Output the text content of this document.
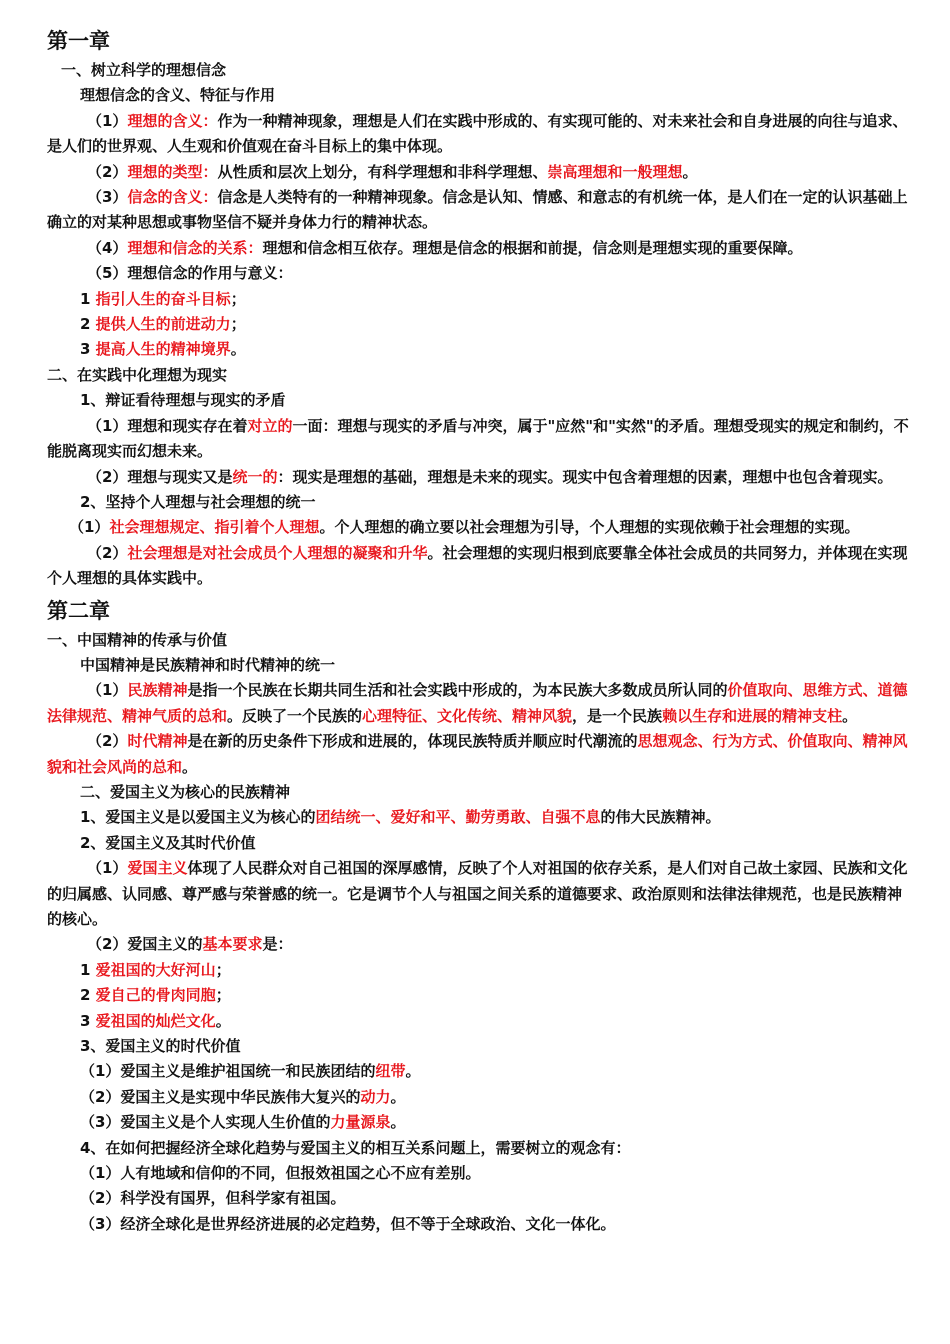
第一章

一、树立科学的理想信念

理想信念的含义、特征与作用

（1）理想的含义：作为一种精神现象，理想是人们在实践中形成的、有实现可能的、对未来社会和自身进展的向往与追求、是人们的世界观、人生观和价值观在奋斗目标上的集中体现。

（2）理想的类型：从性质和层次上划分，有科学理想和非科学理想、崇高理想和一般理想。

（3）信念的含义：信念是人类特有的一种精神现象。信念是认知、情感、和意志的有机统一体，是人们在一定的认识基础上确立的对某种思想或事物坚信不疑并身体力行的精神状态。

（4）理想和信念的关系：理想和信念相互依存。理想是信念的根据和前提，信念则是理想实现的重要保障。

（5）理想信念的作用与意义：

1 指引人生的奋斗目标；

2 提供人生的前进动力；

3 提高人生的精神境界。

二、在实践中化理想为现实

1、辩证看待理想与现实的矛盾

（1）理想和现实存在着对立的一面：理想与现实的矛盾与冲突，属于"应然"和"实然"的矛盾。理想受现实的规定和制约，不能脱离现实而幻想未来。

（2）理想与现实又是统一的：现实是理想的基础，理想是未来的现实。现实中包含着理想的因素，理想中也包含着现实。

2、坚持个人理想与社会理想的统一

（1）社会理想规定、指引着个人理想。个人理想的确立要以社会理想为引导，个人理想的实现依赖于社会理想的实现。

（2）社会理想是对社会成员个人理想的凝聚和升华。社会理想的实现归根到底要靠全体社会成员的共同努力，并体现在实现个人理想的具体实践中。

第二章

一、中国精神的传承与价值

中国精神是民族精神和时代精神的统一

（1）民族精神是指一个民族在长期共同生活和社会实践中形成的，为本民族大多数成员所认同的价值取向、思维方式、道德法律规范、精神气质的总和。反映了一个民族的心理特征、文化传统、精神风貌，是一个民族赖以生存和进展的精神支柱。

（2）时代精神是在新的历史条件下形成和进展的，体现民族特质并顺应时代潮流的思想观念、行为方式、价值取向、精神风貌和社会风尚的总和。

二、爱国主义为核心的民族精神

1、爱国主义是以爱国主义为核心的团结统一、爱好和平、勤劳勇敢、自强不息的伟大民族精神。

2、爱国主义及其时代价值

（1）爱国主义体现了人民群众对自己祖国的深厚感情，反映了个人对祖国的依存关系，是人们对自己故土家园、民族和文化的归属感、认同感、尊严感与荣誉感的统一。它是调节个人与祖国之间关系的道德要求、政治原则和法律法律规范，也是民族精神的核心。

（2）爱国主义的基本要求是：

1 爱祖国的大好河山；

2 爱自己的骨肉同胞；

3 爱祖国的灿烂文化。

3、爱国主义的时代价值

（1）爱国主义是维护祖国统一和民族团结的纽带。

（2）爱国主义是实现中华民族伟大复兴的动力。

（3）爱国主义是个人实现人生价值的力量源泉。

4、在如何把握经济全球化趋势与爱国主义的相互关系问题上，需要树立的观念有：

（1）人有地域和信仰的不同，但报效祖国之心不应有差别。

（2）科学没有国界，但科学家有祖国。

（3）经济全球化是世界经济进展的必定趋势，但不等于全球政治、文化一体化。
